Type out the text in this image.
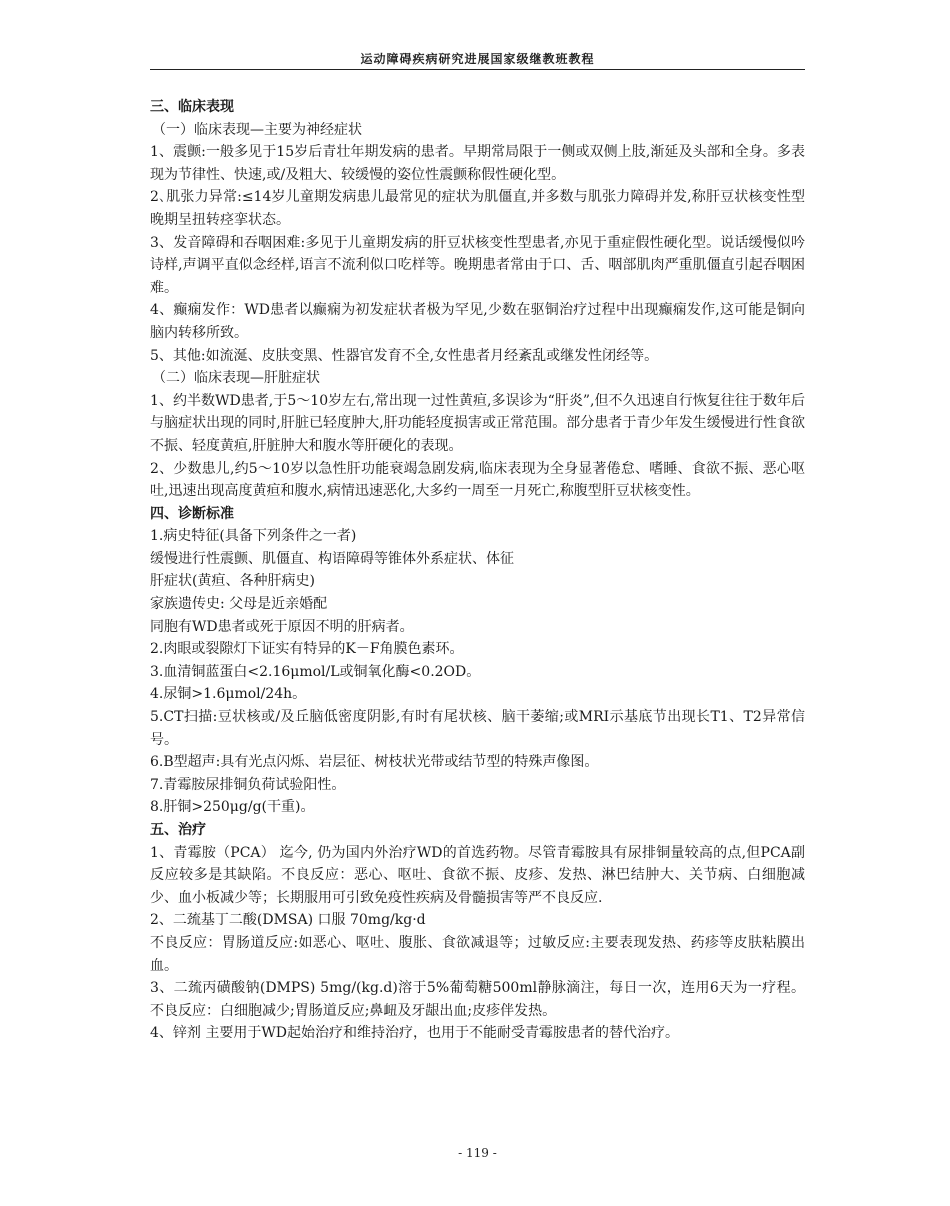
运动障碍疾病研究进展国家级继教班教程

三、临床表现

（一）临床表现—主要为神经症状

1、震颤:一般多见于15岁后青壮年期发病的患者。早期常局限于一侧或双侧上肢,渐延及头部和全身。多表现为节律性、快速,或/及粗大、较缓慢的姿位性震颤称假性硬化型。

2､肌张力异常:≤14岁儿童期发病患儿最常见的症状为肌僵直,并多数与肌张力障碍并发,称肝豆状核变性型晚期呈扭转痉挛状态。

3、发音障碍和吞咽困难:多见于儿童期发病的肝豆状核变性型患者,亦见于重症假性硬化型。说话缓慢似吟诗样,声调平直似念经样,语言不流利似口吃样等。晚期患者常由于口、舌、咽部肌肉严重肌僵直引起吞咽困难。

4、癫痫发作：WD患者以癫痫为初发症状者极为罕见,少数在驱铜治疗过程中出现癫痫发作,这可能是铜向脑内转移所致。

5、其他:如流涎、皮肤变黑、性器官发育不全,女性患者月经紊乱或继发性闭经等。

（二）临床表现—肝脏症状

1、约半数WD患者,于5～10岁左右,常出现一过性黄疸,多误诊为“肝炎”,但不久迅速自行恢复往往于数年后与脑症状出现的同时,肝脏已轻度肿大,肝功能轻度损害或正常范围。部分患者于青少年发生缓慢进行性食欲不振、轻度黄疸,肝脏肿大和腹水等肝硬化的表现。

2、少数患儿,约5～10岁以急性肝功能衰竭急剧发病,临床表现为全身显著倦怠、嗜睡、食欲不振、恶心呕吐,迅速出现高度黄疸和腹水,病情迅速恶化,大多约一周至一月死亡,称腹型肝豆状核变性。

四、诊断标准

1.病史特征(具备下列条件之一者)

缓慢进行性震颤、肌僵直、构语障碍等锥体外系症状、体征

肝症状(黄疸、各种肝病史)

家族遗传史: 父母是近亲婚配

同胞有WD患者或死于原因不明的肝病者。

2.肉眼或裂隙灯下证实有特异的K－F角膜色素环。

3.血清铜蓝蛋白<2.16μmol/L或铜氧化酶<0.2OD。

4.尿铜>1.6μmol/24h。

5.CT扫描:豆状核或/及丘脑低密度阴影,有时有尾状核、脑干萎缩;或MRI示基底节出现长T1、T2异常信号。

6.B型超声:具有光点闪烁、岩层征、树枝状光带或结节型的特殊声像图。

7.青霉胺尿排铜负荷试验阳性。

8.肝铜>250μg/g(干重)。

五、治疗

1、青霉胺（PCA） 迄今, 仍为国内外治疗WD的首选药物。尽管青霉胺具有尿排铜量较高的点,但PCA副反应较多是其缺陷。不良反应：恶心、呕吐、食欲不振、皮疹、发热、淋巴结肿大、关节病、白细胞减少、血小板减少等；长期服用可引致免疫性疾病及骨髓损害等严不良反应.

2、二巯基丁二酸(DMSA) 口服 70mg/kg·d

不良反应：胃肠道反应:如恶心、呕吐、腹胀、食欲减退等；过敏反应:主要表现发热、药疹等皮肤粘膜出血。

3、二巯丙磺酸钠(DMPS) 5mg/(kg.d)溶于5%葡萄糖500ml静脉滴注，每日一次，连用6天为一疗程。不良反应：白细胞减少;胃肠道反应;鼻衄及牙龈出血;皮疹伴发热。

4、锌剂 主要用于WD起始治疗和维持治疗，也用于不能耐受青霉胺患者的替代治疗。

- 119 -
